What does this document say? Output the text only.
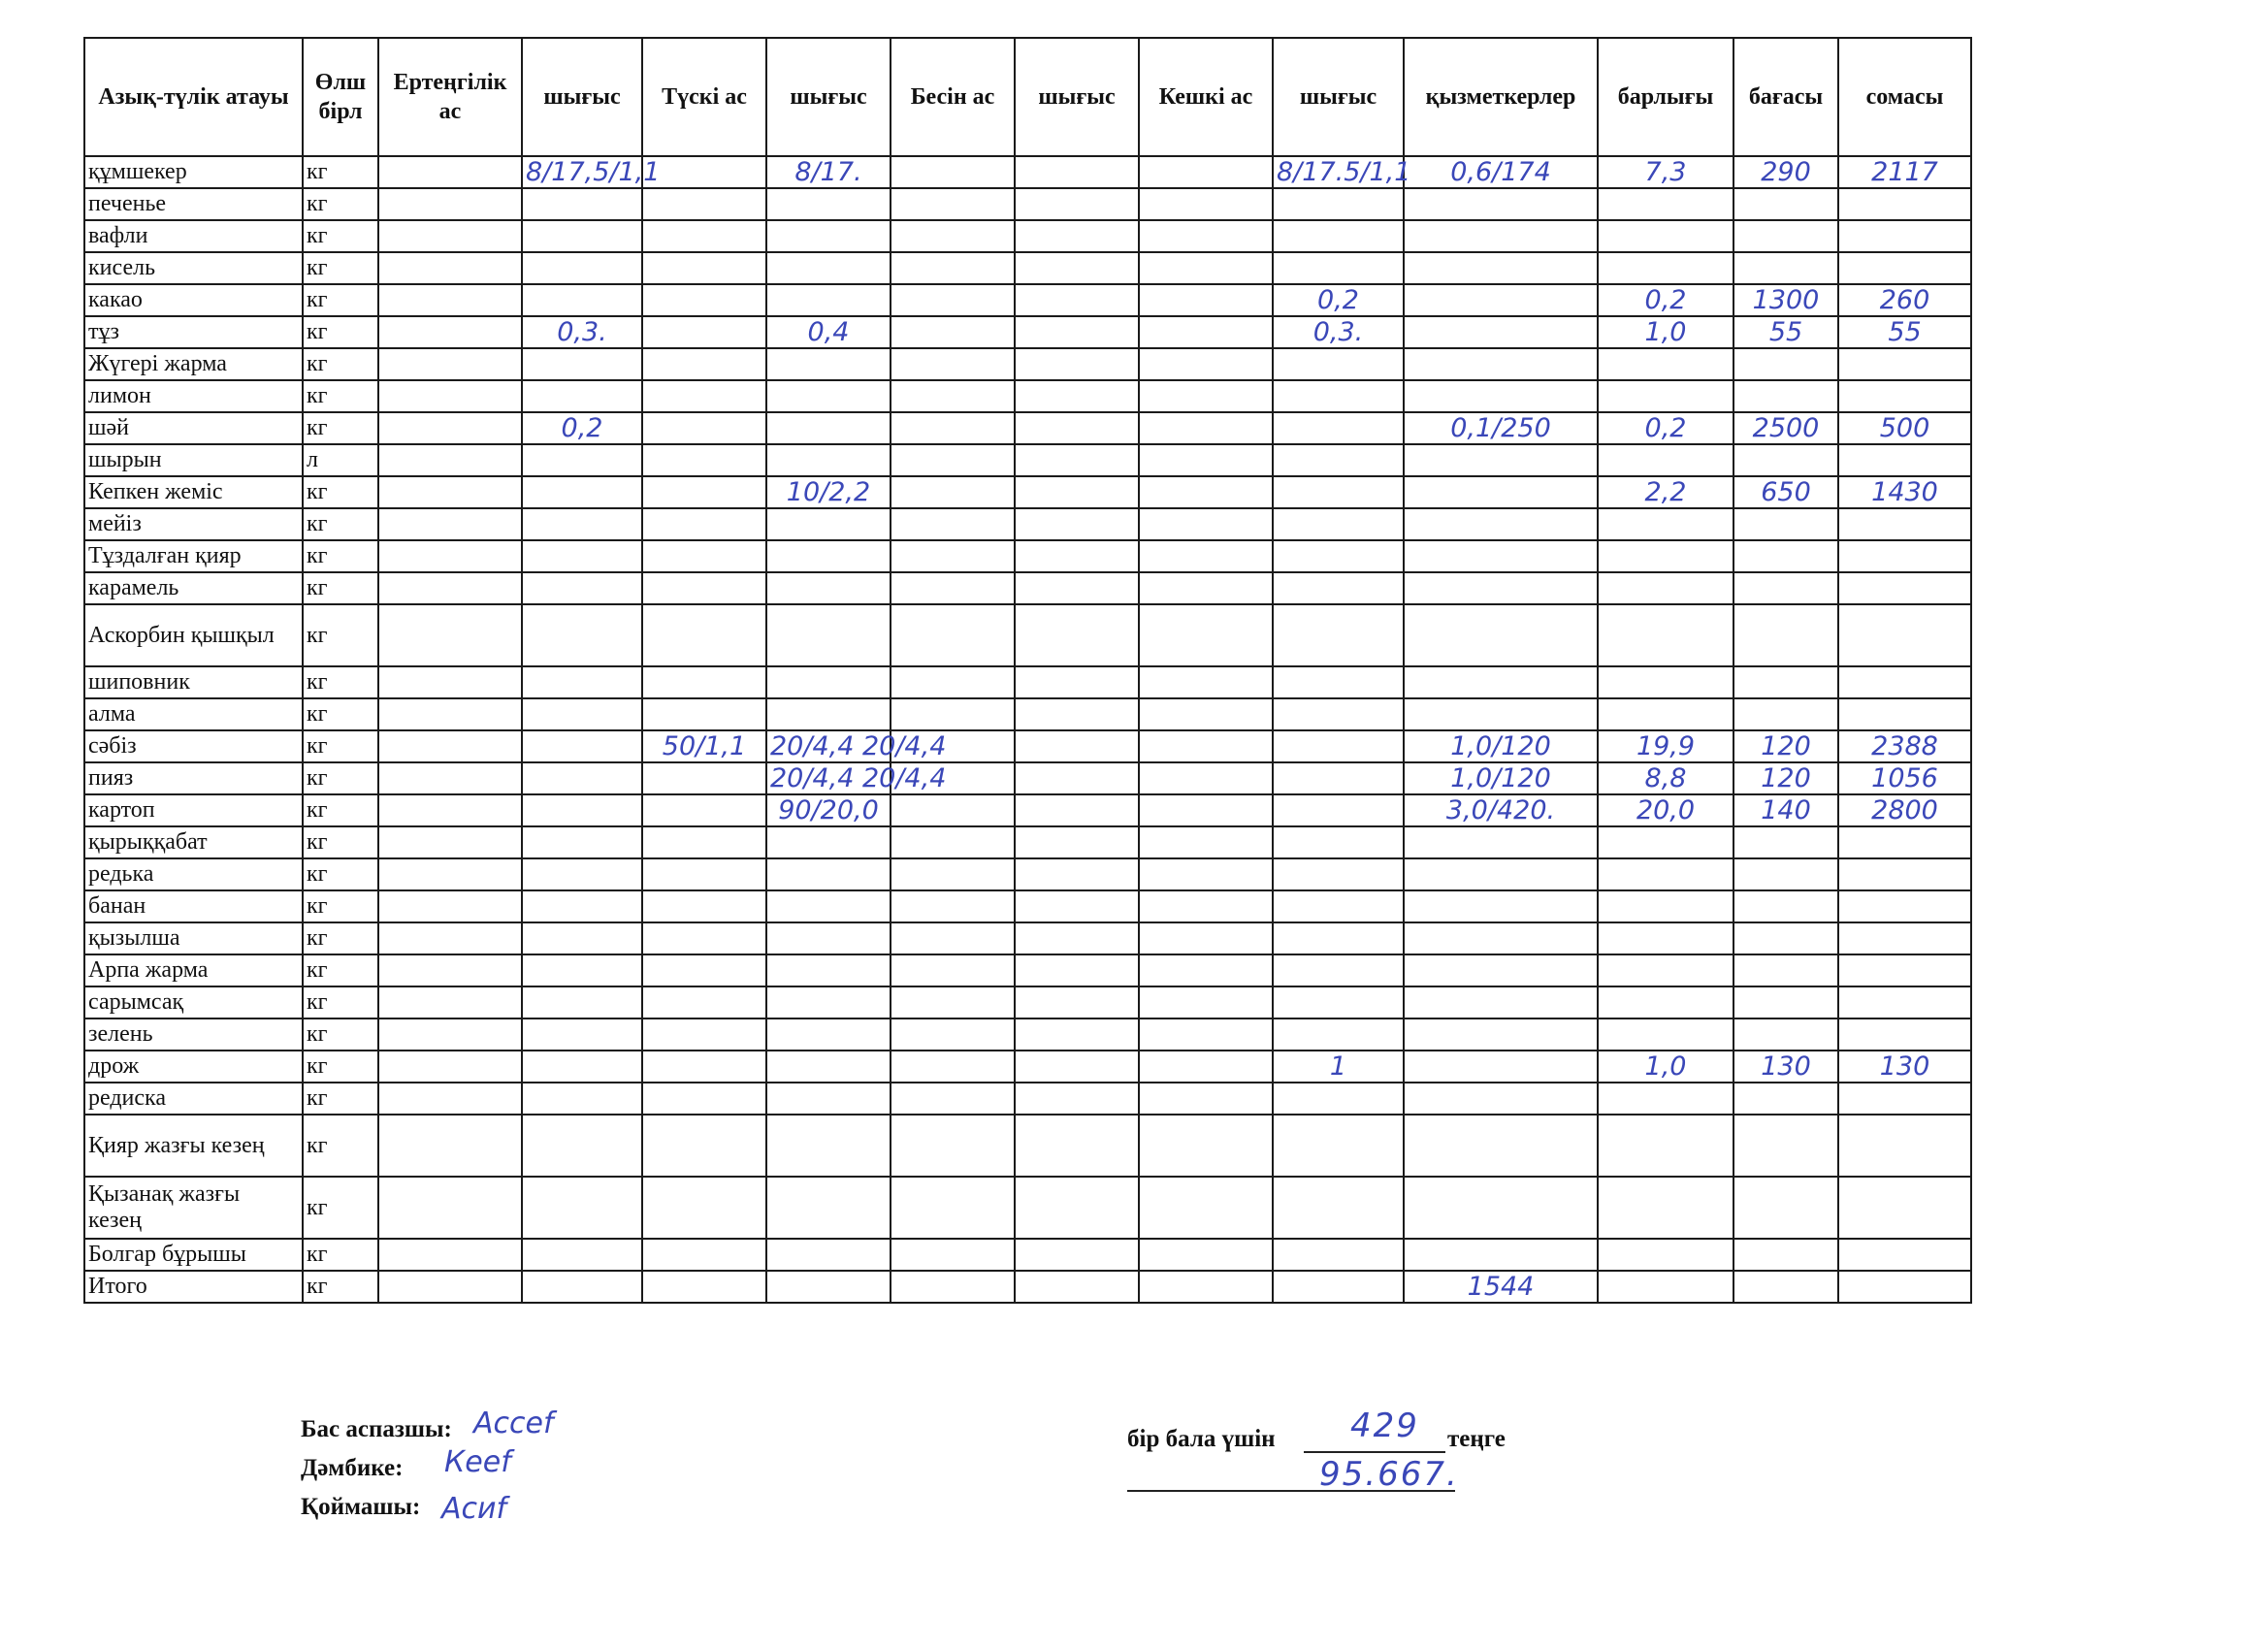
Азық-түлік атауы	Өлш бірл	Ертеңгілік ас	шығыс	Түскі ас	шығыс	Бесін ас	шығыс	Кешкі ас	шығыс	қызметкерлер	барлығы	бағасы	сомасы
құмшекер	кг		8/17,5/1,1		8/17.				8/17.5/1,1	0,6/174	7,3	290	2117
печенье	кг												
вафли	кг												
кисель	кг												
какао	кг								0,2		0,2	1300	260
тұз	кг		0,3.		0,4				0,3.		1,0	55	55
Жүгері жарма	кг												
лимон	кг												
шәй	кг		0,2							0,1/250	0,2	2500	500
шырын	л												
Кепкен жеміс	кг				10/2,2						2,2	650	1430
мейіз	кг												
Тұздалған қияр	кг												
карамель	кг												
Аскорбин қышқыл	кг												
шиповник	кг												
алма	кг												
сәбіз	кг			50/1,1	20/4,4 20/4,4					1,0/120	19,9	120	2388
пияз	кг				20/4,4 20/4,4					1,0/120	8,8	120	1056
картоп	кг				90/20,0					3,0/420.	20,0	140	2800
қырыққабат	кг												
редька	кг												
банан	кг												
қызылша	кг												
Арпа жарма	кг												
сарымсақ	кг												
зелень	кг												
дрож	кг								1		1,0	130	130
редиска	кг												
Қияр жазғы кезең	кг												
Қызанақ жазғы кезең	кг												
Болгар бұрышы	кг												
Итого	кг									1544			
Бас аспазшы:
Дәмбике:
Қоймашы:
Ассеf
Кееf
Асиf
бір бала үшін 429 теңге
95.667.
